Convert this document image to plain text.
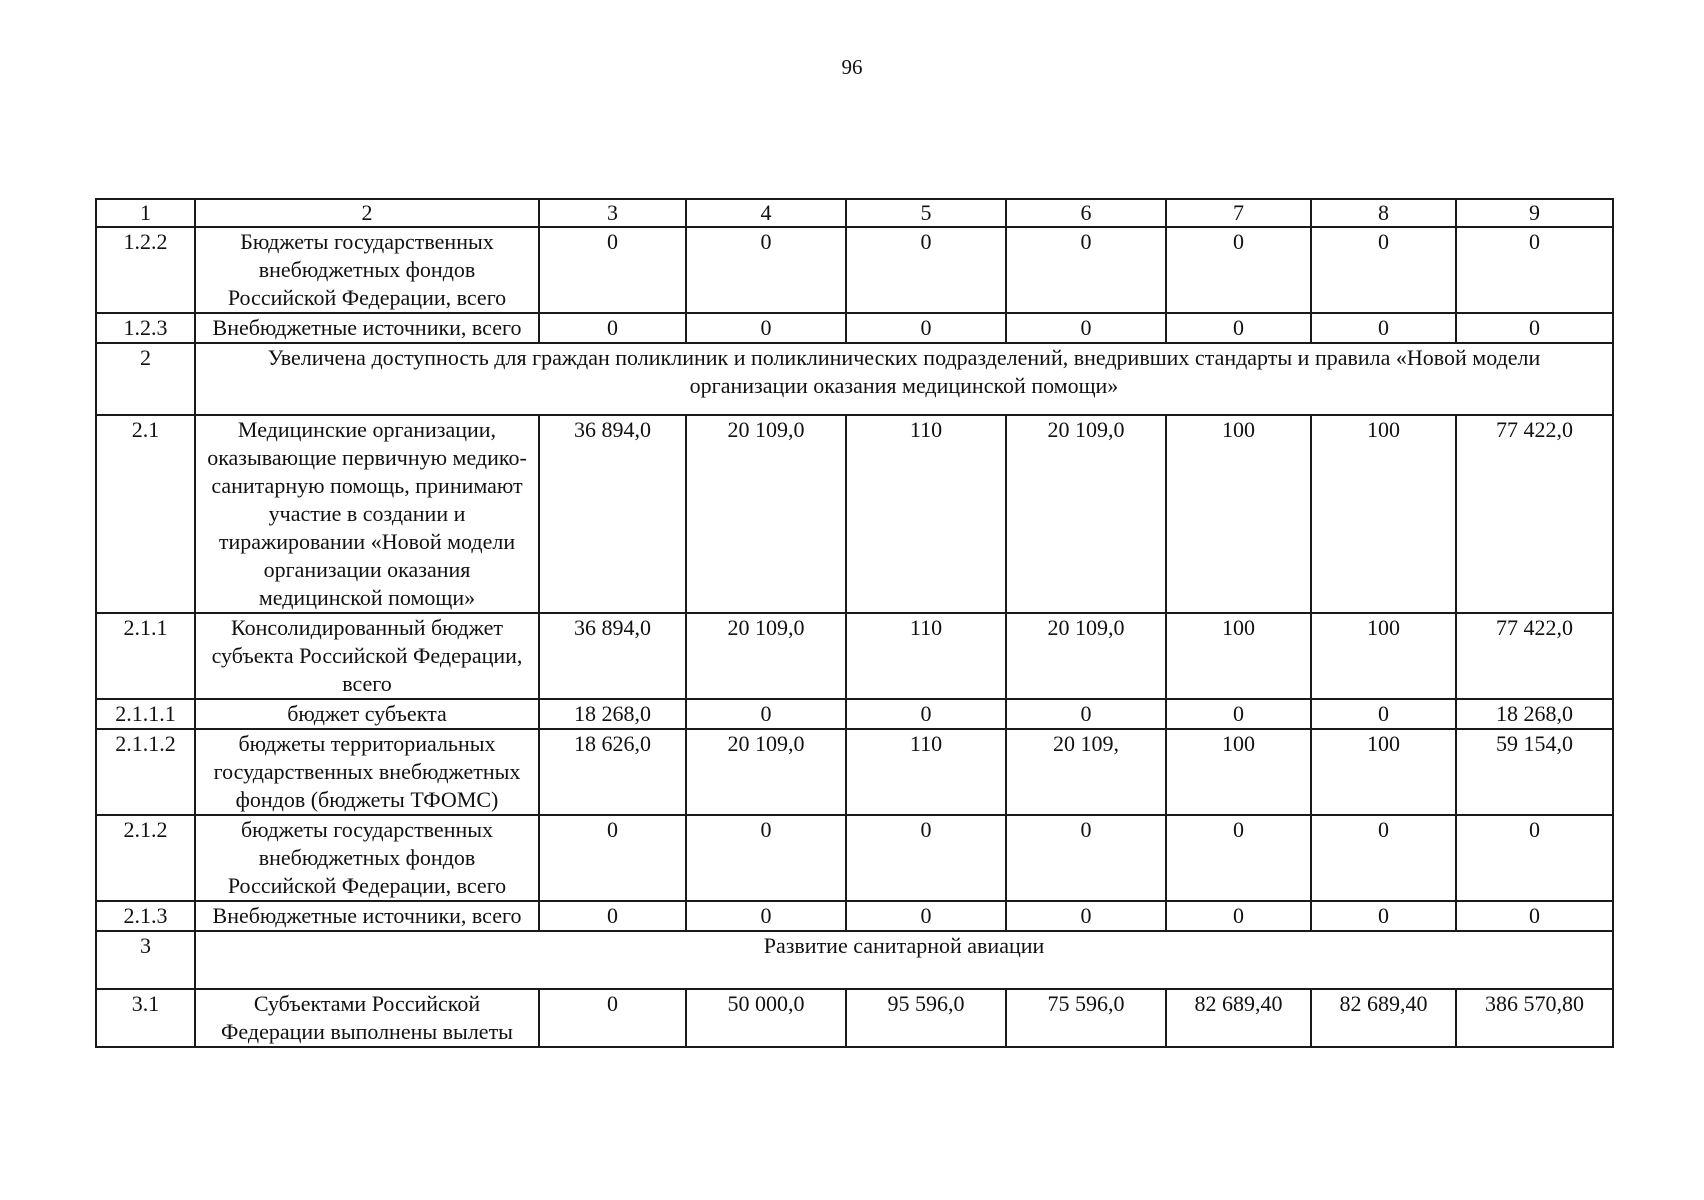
96
1	2	3	4	5	6	7	8	9
1.2.2	Бюджеты государственных внебюджетных фондов Российской Федерации, всего	0	0	0	0	0	0	0
1.2.3	Внебюджетные источники, всего	0	0	0	0	0	0	0
2	Увеличена доступность для граждан поликлиник и поликлинических подразделений, внедривших стандарты и правила «Новой модели организации оказания медицинской помощи»							
2.1	Медицинские организации, оказывающие первичную медико-санитарную помощь, принимают участие в создании и тиражировании «Новой модели организации оказания медицинской помощи»	36 894,0	20 109,0	110	20 109,0	100	100	77 422,0
2.1.1	Консолидированный бюджет субъекта Российской Федерации, всего	36 894,0	20 109,0	110	20 109,0	100	100	77 422,0
2.1.1.1	бюджет субъекта	18 268,0	0	0	0	0	0	18 268,0
2.1.1.2	бюджеты территориальных государственных внебюджетных фондов (бюджеты ТФОМС)	18 626,0	20 109,0	110	20 109,	100	100	59 154,0
2.1.2	бюджеты государственных внебюджетных фондов Российской Федерации, всего	0	0	0	0	0	0	0
2.1.3	Внебюджетные источники, всего	0	0	0	0	0	0	0
3	Развитие санитарной авиации							
3.1	Субъектами Российской Федерации выполнены вылеты	0	50 000,0	95 596,0	75 596,0	82 689,40	82 689,40	386 570,80
